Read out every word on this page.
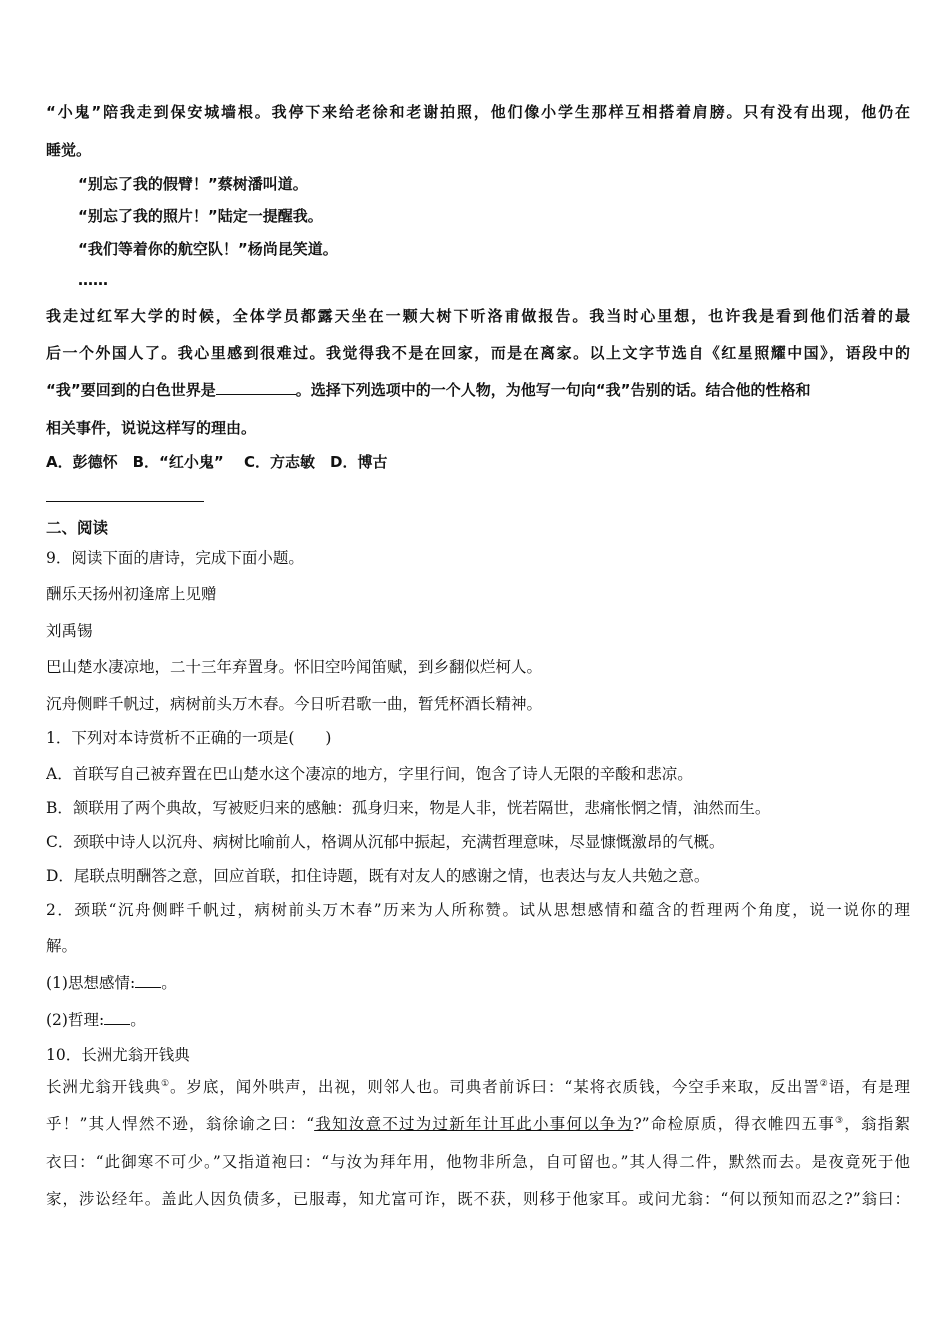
“小鬼”陪我走到保安城墙根。我停下来给老徐和老谢拍照，他们像小学生那样互相搭着肩膀。只有没有出现，他仍在
睡觉。
“别忘了我的假臂！”蔡树潘叫道。
“别忘了我的照片！”陆定一提醒我。
“我们等着你的航空队！”杨尚昆笑道。
……
我走过红军大学的时候，全体学员都露天坐在一颗大树下听洛甫做报告。我当时心里想，也许我是看到他们活着的最
后一个外国人了。我心里感到很难过。我觉得我不是在回家，而是在离家。以上文字节选自《红星照耀中国》，语段中的
“我”要回到的白色世界是	。选择下列选项中的一个人物，为他写一句向“我”告别的话。结合他的性格和
相关事件，说说这样写的理由。
A．彭德怀　B．“红小鬼”　 C．方志敏　D．博古
二、阅读
9．阅读下面的唐诗，完成下面小题。
酬乐天扬州初逢席上见赠
刘禹锡
巴山楚水凄凉地，二十三年弃置身。怀旧空吟闻笛赋，到乡翻似烂柯人。
沉舟侧畔千帆过，病树前头万木春。今日听君歌一曲，暂凭杯酒长精神。
1．下列对本诗赏析不正确的一项是(　　)
A．首联写自己被弃置在巴山楚水这个凄凉的地方，字里行间，饱含了诗人无限的辛酸和悲凉。
B．颔联用了两个典故，写被贬归来的感触：孤身归来，物是人非，恍若隔世，悲痛怅惘之情，油然而生。
C．颈联中诗人以沉舟、病树比喻前人，格调从沉郁中振起，充满哲理意味，尽显慷慨激昂的气概。
D．尾联点明酬答之意，回应首联，扣住诗题，既有对友人的感谢之情，也表达与友人共勉之意。
2．颈联“沉舟侧畔千帆过，病树前头万木春”历来为人所称赞。试从思想感情和蕴含的哲理两个角度，说一说你的理
解。
(1)思想感情: 。
(2)哲理: 。
10．长洲尤翁开钱典
长洲尤翁开钱典①。岁底，闻外哄声，出视，则邻人也。司典者前诉曰：“某将衣质钱，今空手来取，反出詈②语，有是理
乎！”其人悍然不逊，翁徐谕之曰：“我知汝意不过为过新年计耳此小事何以争为?”命检原质，得衣帷四五事③，翁指絮
衣曰：“此御寒不可少。”又指道袍曰：“与汝为拜年用，他物非所急，自可留也。”其人得二件，默然而去。是夜竟死于他
家，涉讼经年。盖此人因负债多，已服毒，知尤富可诈，既不获，则移于他家耳。或问尤翁：“何以预知而忍之?”翁曰：
